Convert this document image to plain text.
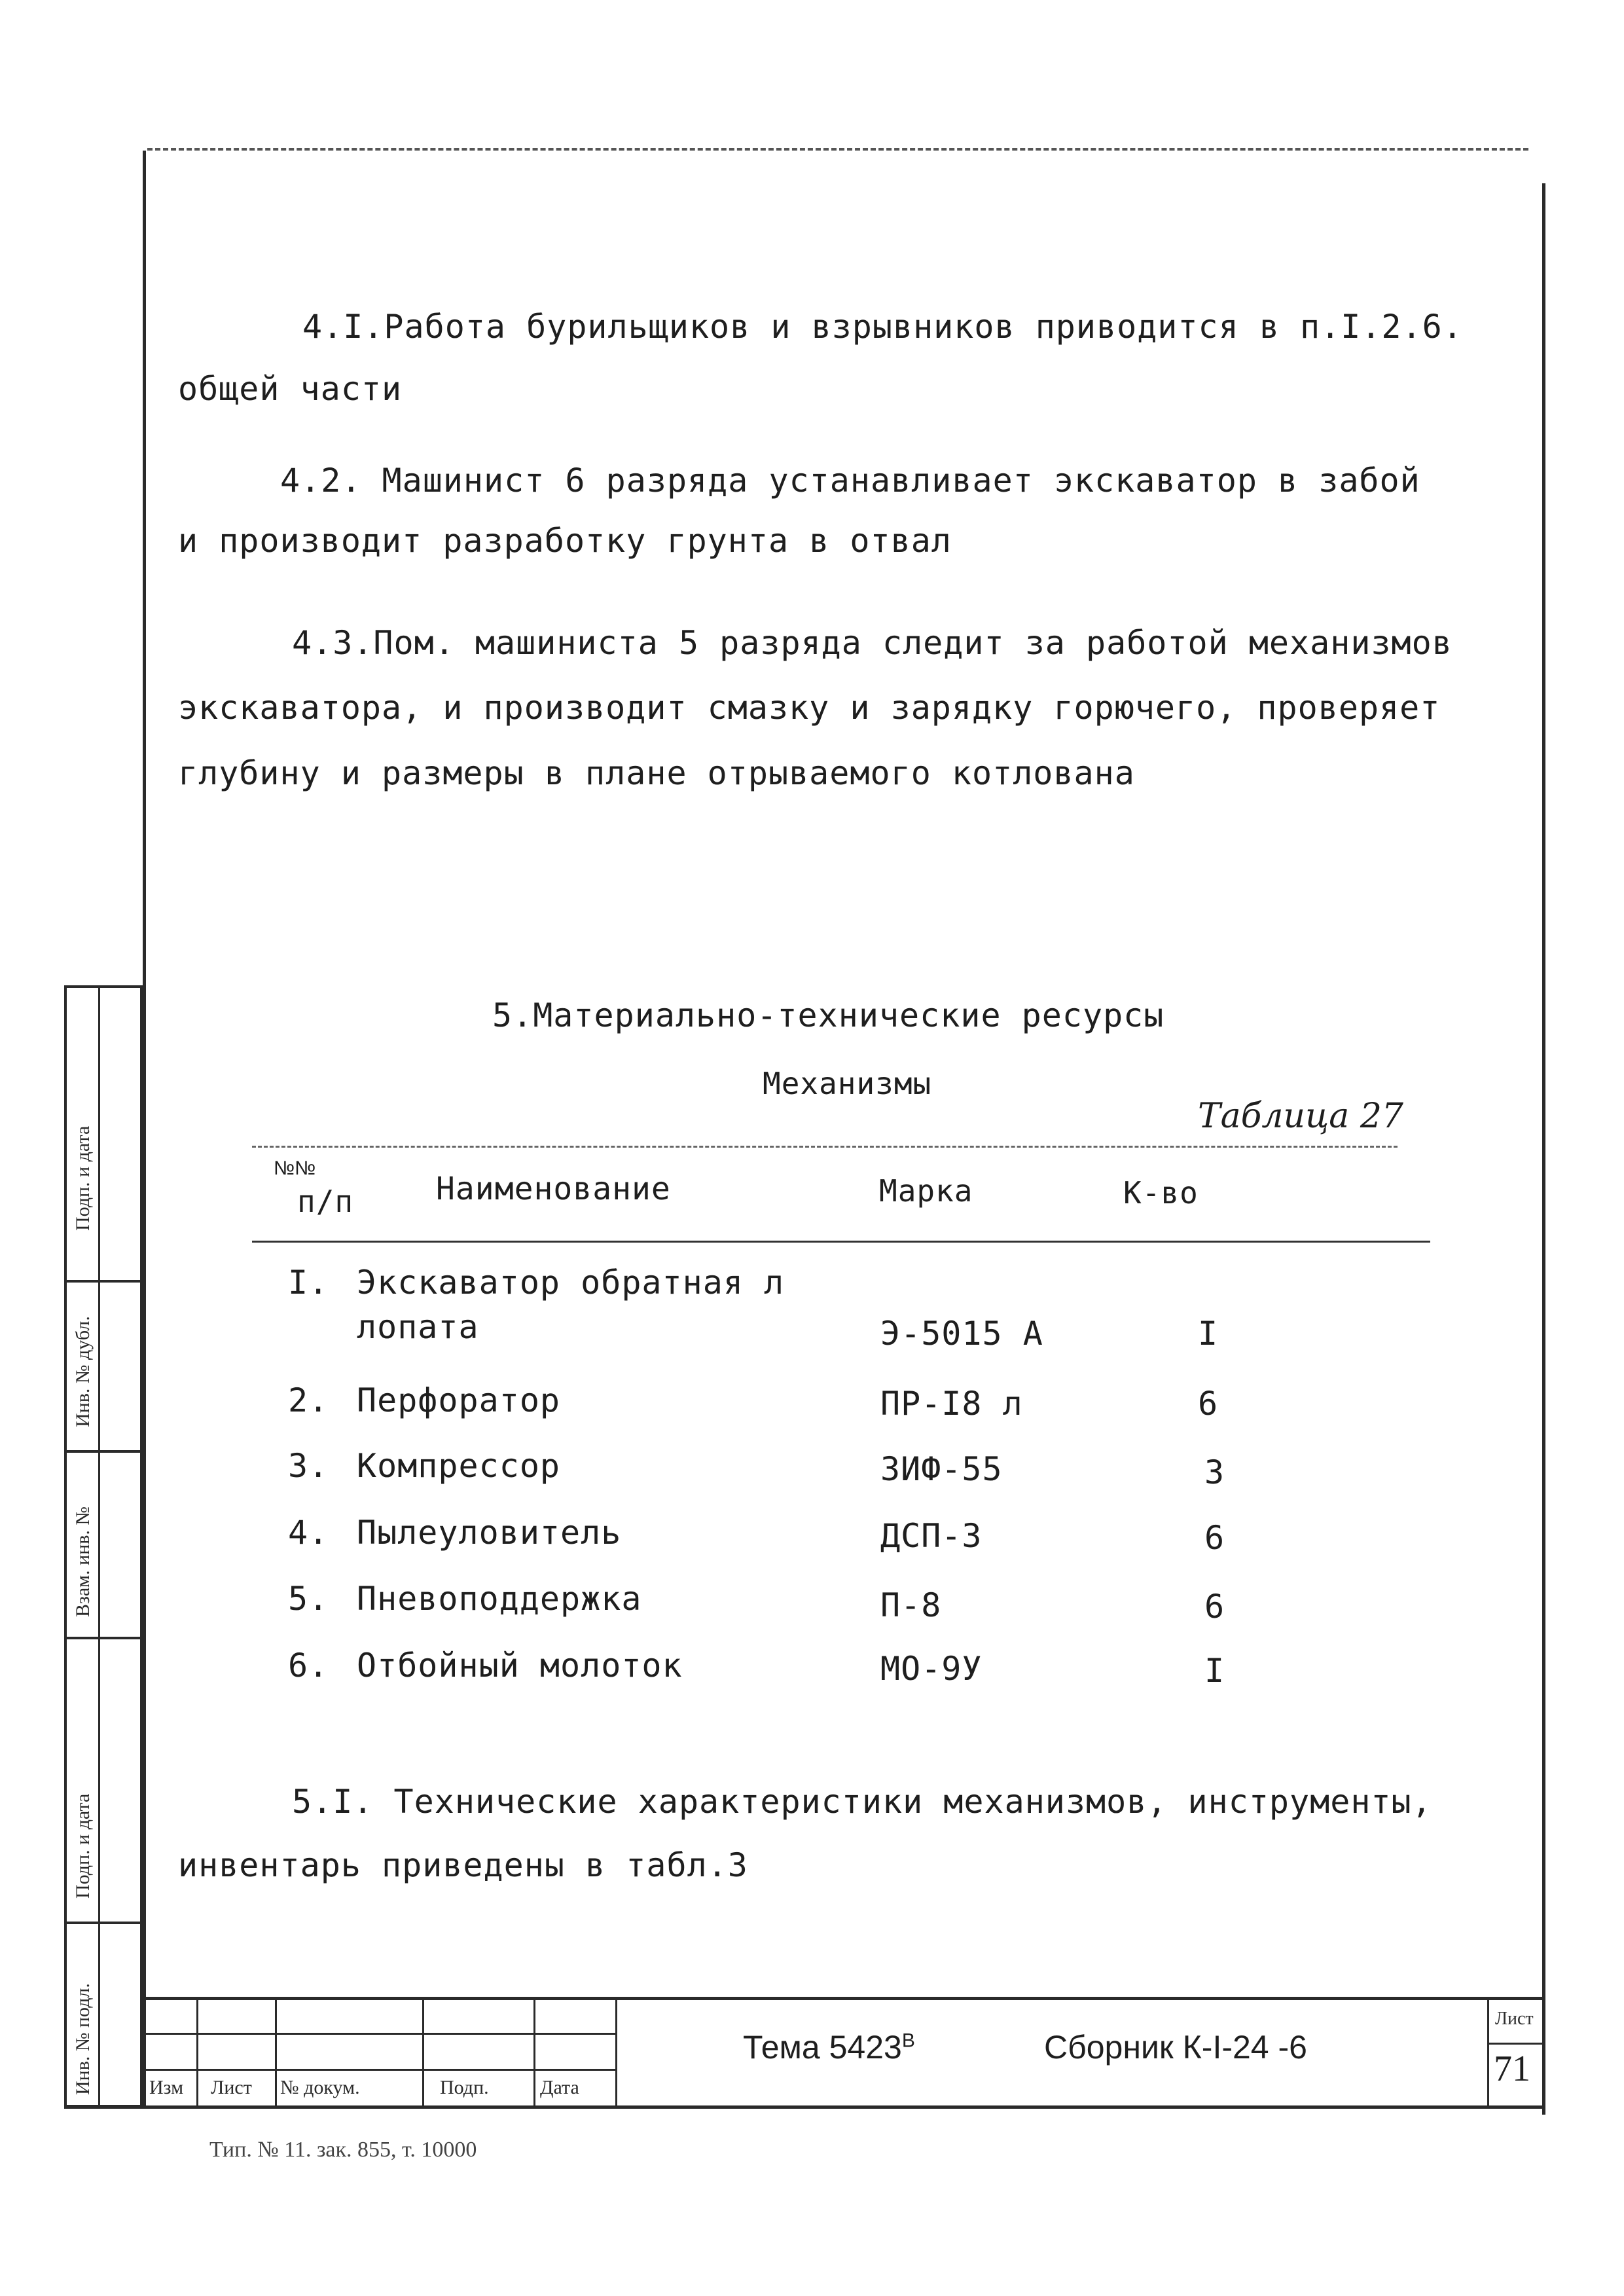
Подп. и дата
Инв. № дубл.
Взам. инв. №
Подп. и дата
Инв. № подл.
4.I.Работа бурильщиков и взрывников приводится в п.I.2.6.
общей части
4.2. Машинист 6 разряда устанавливает экскаватор в забой
и производит разработку грунта в отвал
4.3.Пом. машиниста 5 разряда следит за работой механизмов
экскаватора, и производит смазку и зарядку горючего, проверяет
глубину и размеры в плане отрываемого котлована
5.Материально-технические ресурсы
Механизмы
Таблица 27
№№
п/п	Наименование	Марка	К-во
I. Экскаватор обратная л
лопата	Э-5015 А	I
2. Перфоратор	ПР-I8 л	6
3. Компрессор	ЗИФ-55	3
4. Пылеуловитель	ДСП-3	6
5. Пневоподдержка	П-8	6
6. Отбойный молоток	МО-9У	I
5.I. Технические характеристики механизмов, инструменты,
инвентарь приведены в табл.3
Изм Лист № докум.	Подп.	Дата
Тема $5423^В$	Сборник К-I-24 -6
Лист
71
Тип. № 11. зак. 855, т. 10000
